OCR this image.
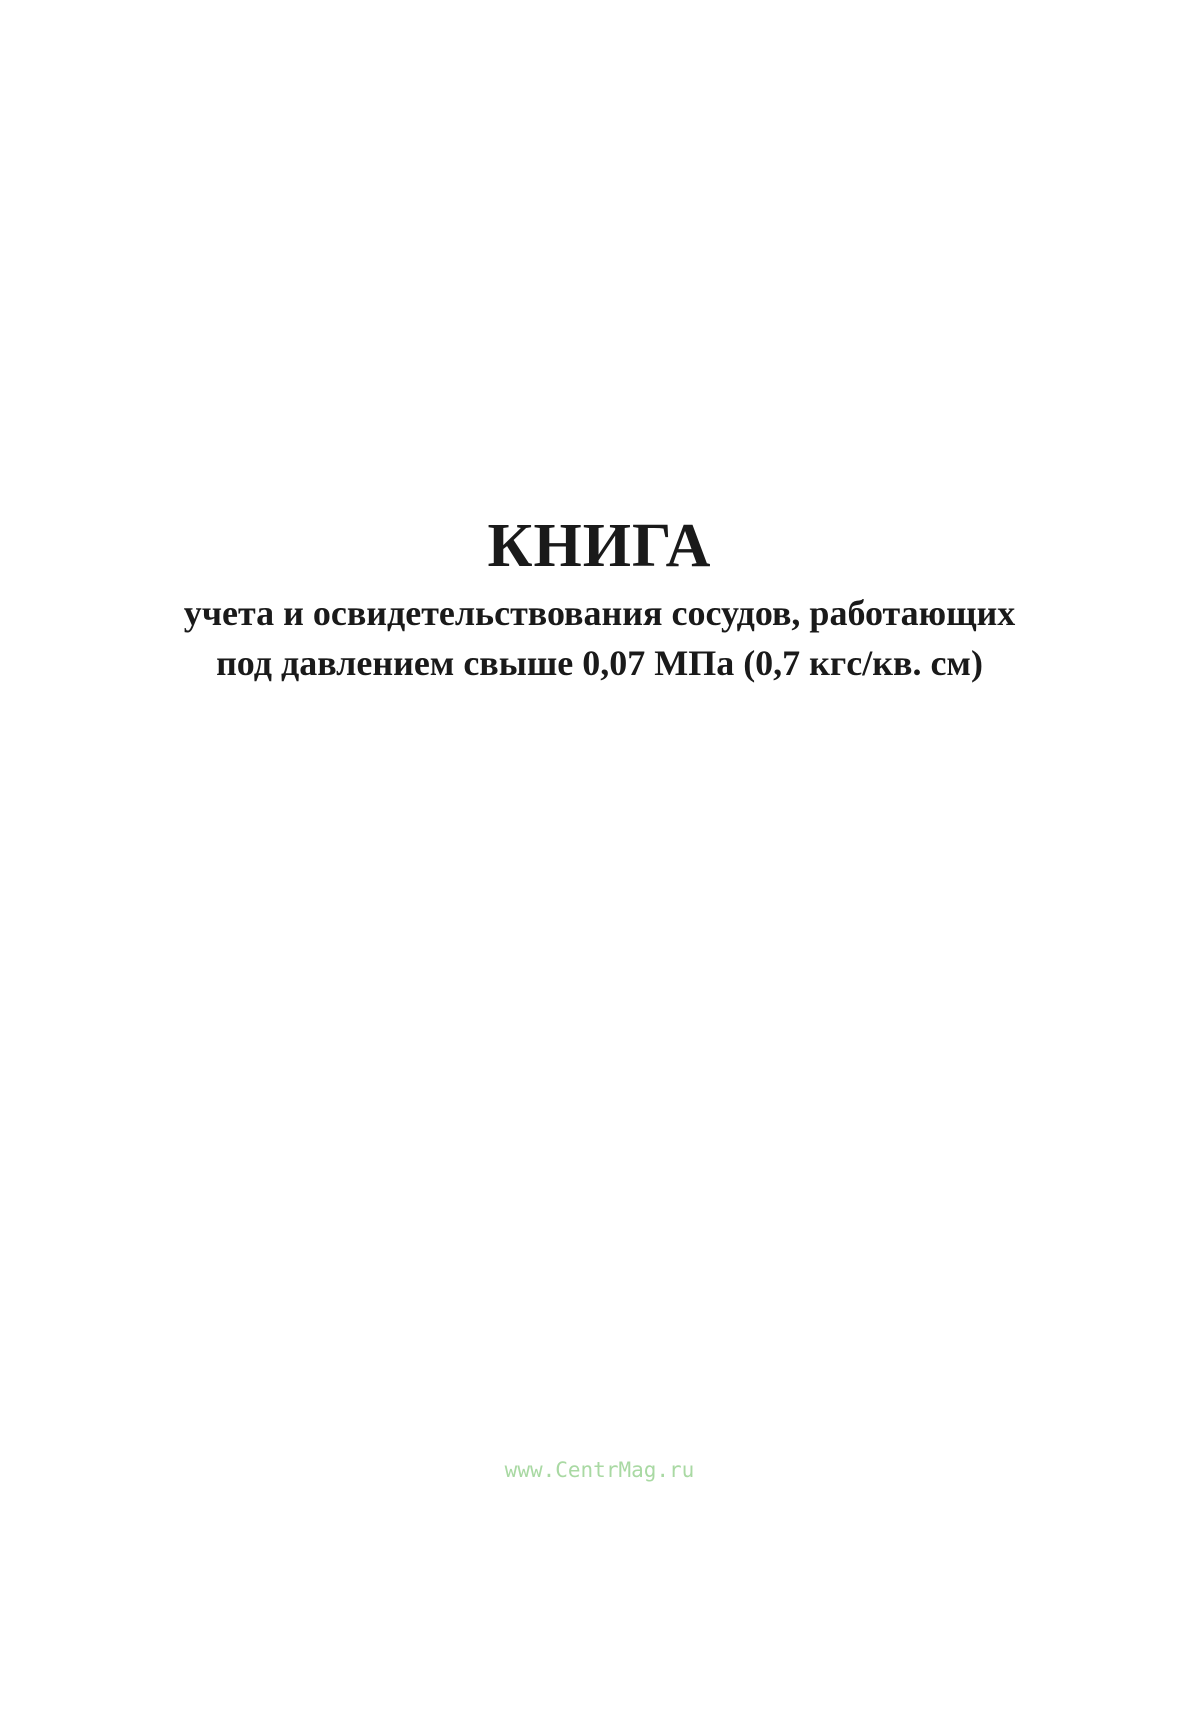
КНИГА

учета и освидетельствования сосудов, работающих
под давлением свыше 0,07 МПа (0,7 кгс/кв. см)

www.CentrMag.ru
